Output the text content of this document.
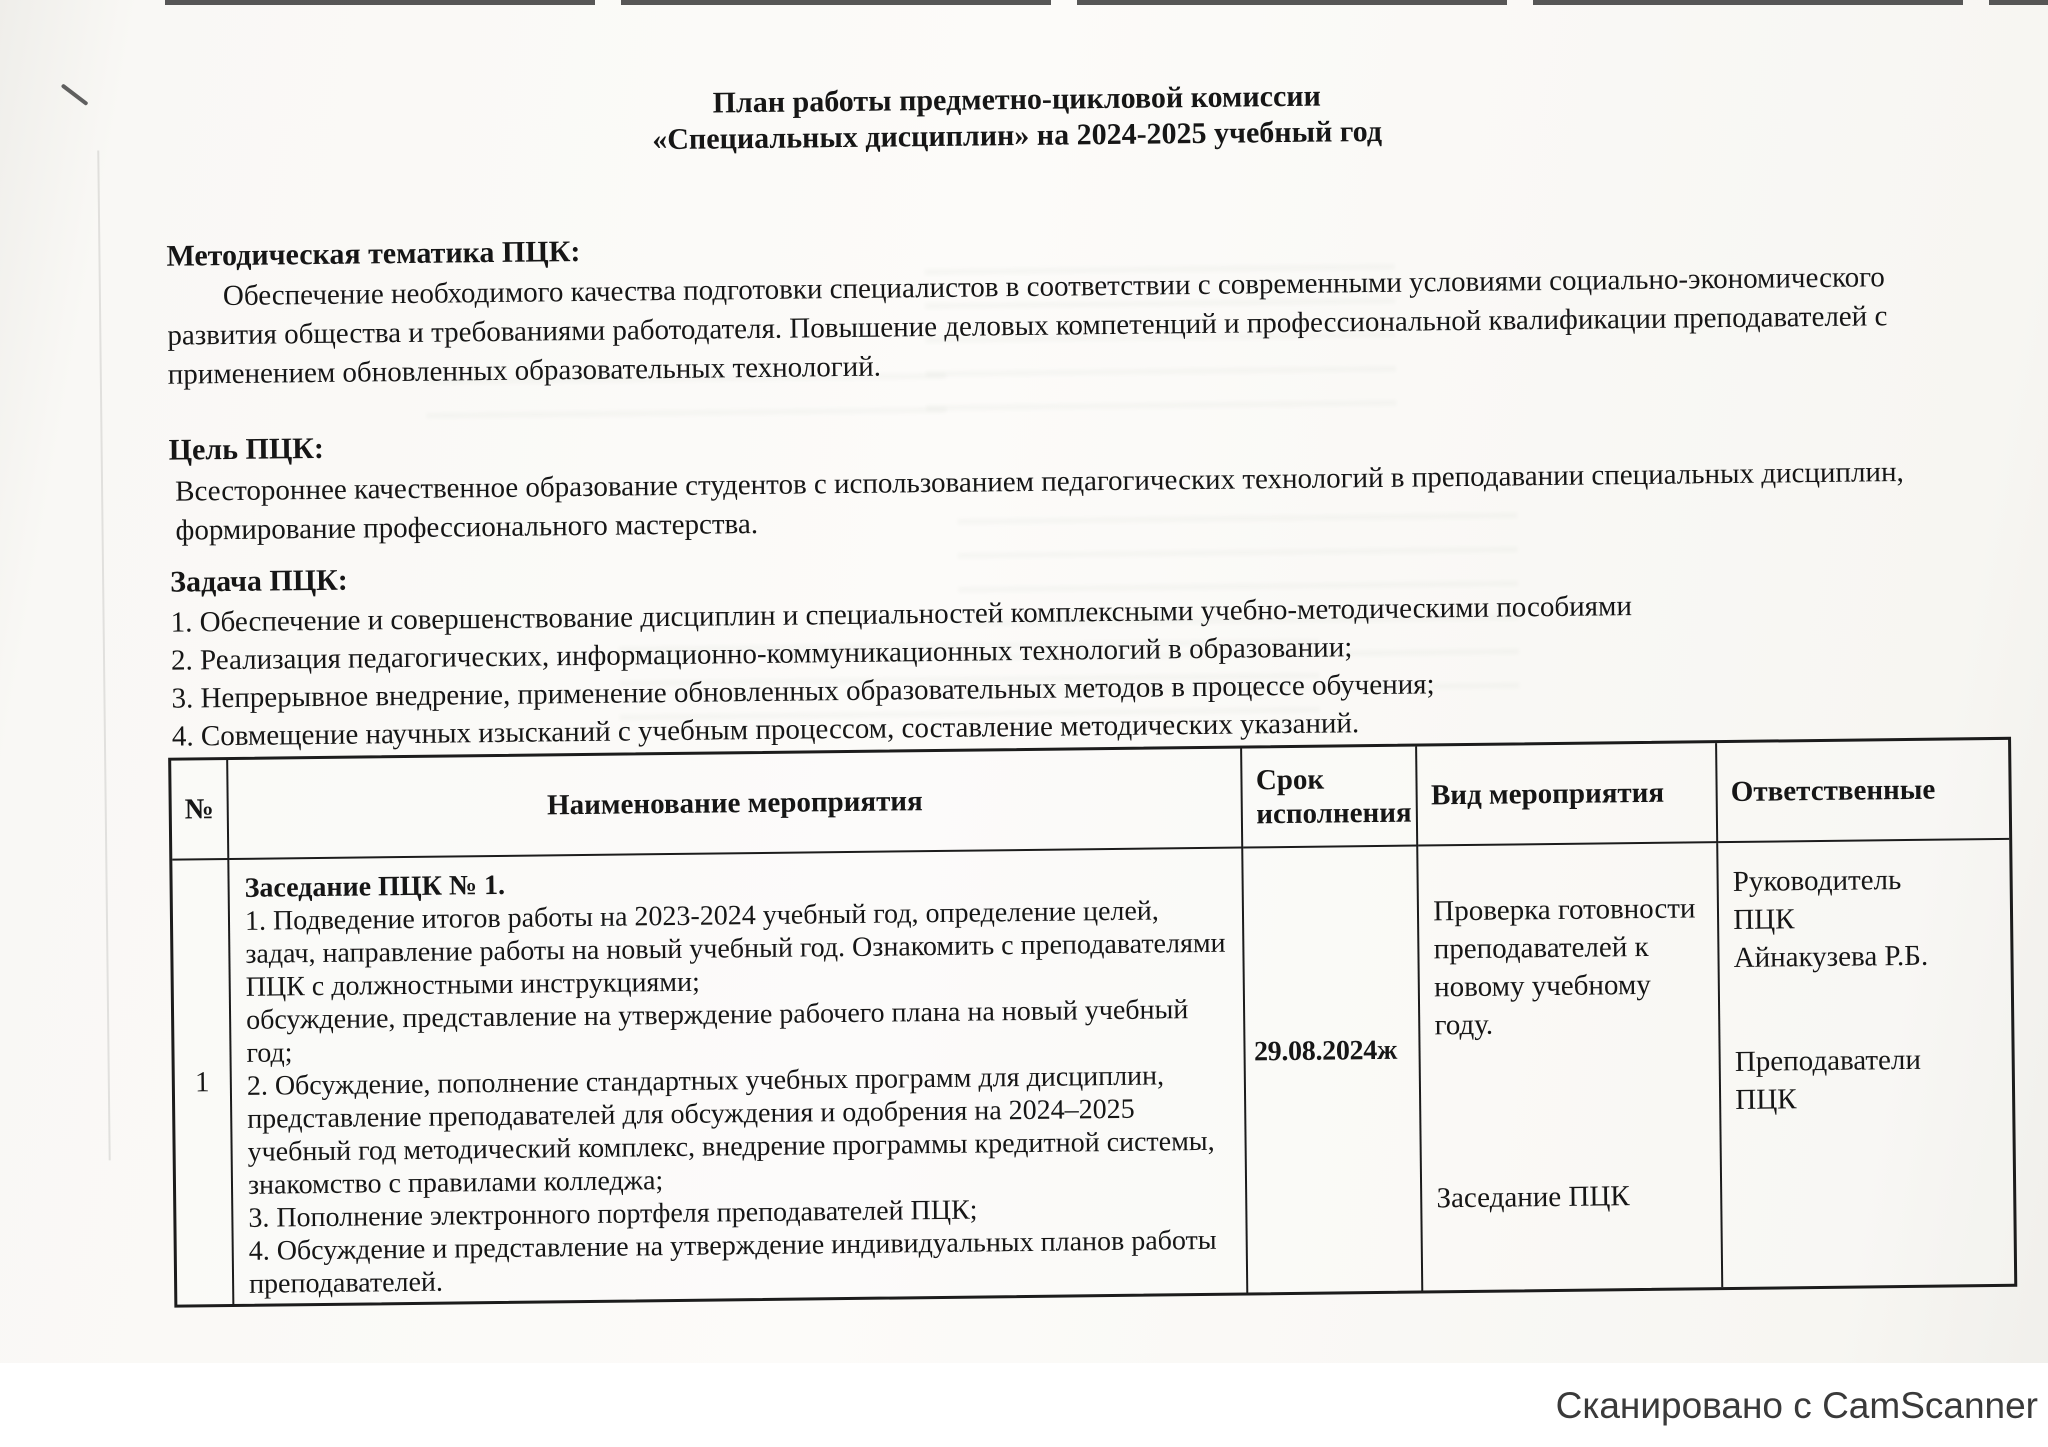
Сканировано с CamScanner
План работы предметно-цикловой комиссии
«Специальных дисциплин» на 2024-2025 учебный год
Методическая тематика ПЦК:
Обеспечение необходимого качества подготовки специалистов в соответствии с современными условиями социально-экономического развития общества и требованиями работодателя. Повышение деловых компетенций и профессиональной квалификации преподавателей с применением обновленных образовательных технологий.
Цель ПЦК:
Всестороннее качественное образование студентов с использованием педагогических технологий в преподавании специальных дисциплин, формирование профессионального мастерства.
Задача ПЦК:
1. Обеспечение и совершенствование дисциплин и специальностей комплексными учебно-методическими пособиями
2. Реализация педагогических, информационно-коммуникационных технологий в образовании;
3. Непрерывное внедрение, применение обновленных образовательных методов в процессе обучения;
4. Совмещение научных изысканий с учебным процессом, составление методических указаний.
№	Наименование мероприятия
Срок исполнения
Вид мероприятия	Ответственные
1
Заседание ПЦК № 1.
1. Подведение итогов работы на 2023-2024 учебный год, определение целей, задач, направление работы на новый учебный год. Ознакомить с преподавателями ПЦК с должностными инструкциями;
обсуждение, представление на утверждение рабочего плана на новый учебный год;
2. Обсуждение, пополнение стандартных учебных программ для дисциплин, представление преподавателей для обсуждения и одобрения на 2024–2025 учебный год методический комплекс, внедрение программы кредитной системы, знакомство с правилами колледжа;
3. Пополнение электронного портфеля преподавателей ПЦК;
4. Обсуждение и представление на утверждение индивидуальных планов работы преподавателей.
29.08.2024ж
Проверка готовности преподавателей к новому учебному году.
Заседание ПЦК
Руководитель
ПЦК
Айнакузева Р.Б.
Преподаватели
ПЦК
